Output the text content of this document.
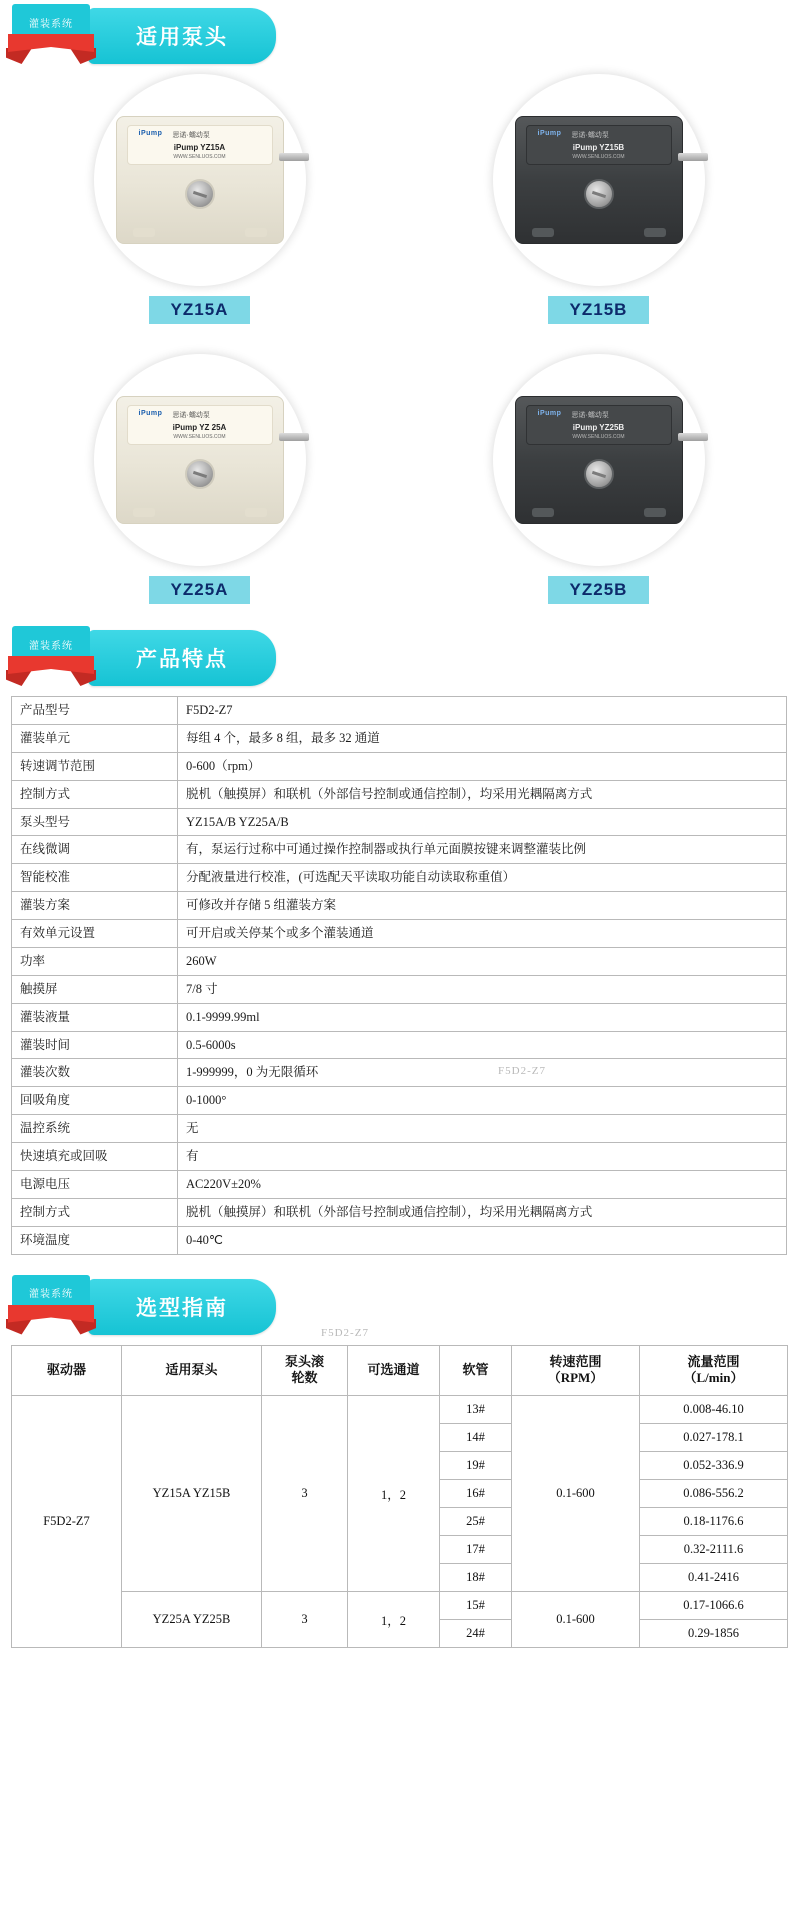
灌装系统
适用泵头
iPump 思诺·蠕动泵
iPump YZ15A
WWW.SENLUOS.COM
YZ15A
iPump 思诺·蠕动泵
iPump YZ15B
WWW.SENLUOS.COM
YZ15B
iPump 思诺·蠕动泵
iPump YZ 25A
WWW.SENLUOS.COM
YZ25A
iPump 思诺·蠕动泵
iPump YZ25B
WWW.SENLUOS.COM
YZ25B
灌装系统
产品特点
产品型号	F5D2-Z7
灌装单元	每组 4 个，最多 8 组，最多 32 通道
转速调节范围	0-600（rpm）
控制方式	脱机（触摸屏）和联机（外部信号控制或通信控制），均采用光耦隔离方式
泵头型号	YZ15A/B YZ25A/B
在线微调	有，泵运行过称中可通过操作控制器或执行单元面膜按键来调整灌装比例
智能校准	分配液量进行校准，(可选配天平读取功能自动读取称重值）
灌装方案	可修改并存储 5 组灌装方案
有效单元设置	可开启或关停某个或多个灌装通道
功率	260W
触摸屏	7/8 寸
灌装液量	0.1-9999.99ml
灌装时间	0.5-6000s
灌装次数	1-999999，0 为无限循环 F5D2-Z7

回吸角度	0-1000°
温控系统	无
快速填充或回吸	有
电源电压	AC220V±20%
控制方式	脱机（触摸屏）和联机（外部信号控制或通信控制），均采用光耦隔离方式
环境温度	0-40℃
灌装系统
选型指南
F5D2-Z7
驱动器	适用泵头	泵头滚
轮数	可选通道	软管	转速范围
（RPM）	流量范围
（L/min）
F5D2-Z7	YZ15A YZ15B	3	1，2	13#	0.1-600	0.008-46.10
				14#		0.027-178.1
				19#		0.052-336.9
				16#		0.086-556.2
				25#		0.18-1176.6
				17#		0.32-2111.6
				18#		0.41-2416
	YZ25A YZ25B	3	1，2	15#	0.1-600	0.17-1066.6
				24#		0.29-1856
